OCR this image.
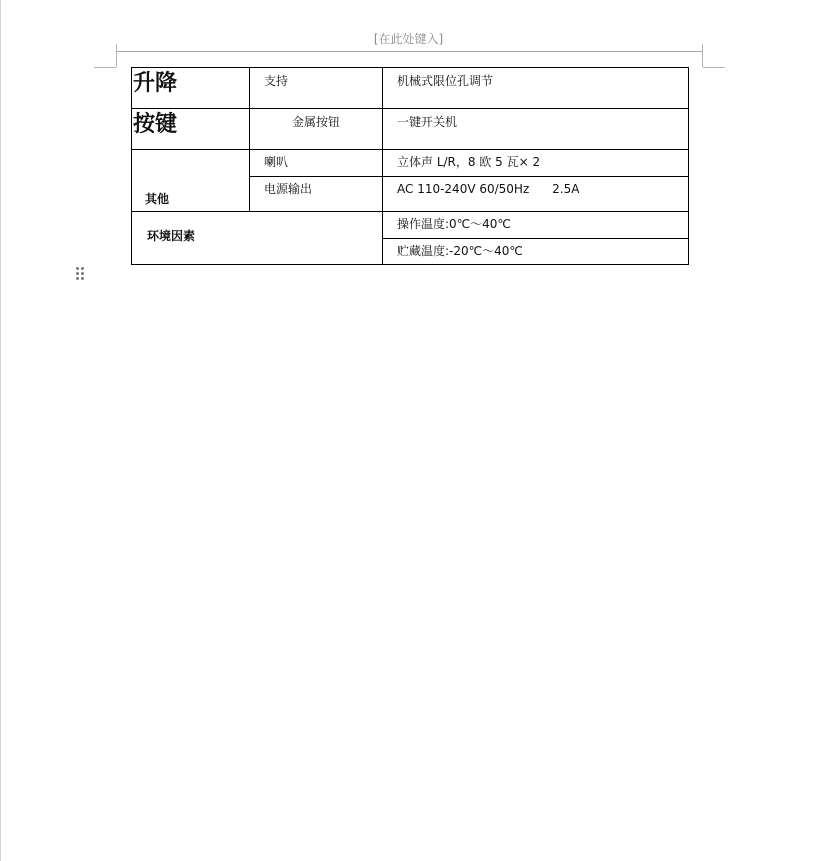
[在此处键入]
升降	支持	机械式限位孔调节
按键	金属按钮	一键开关机
其他	喇叭	立体声 L/R，8 欧 5 瓦× 2
	电源输出	AC 110-240V 60/50Hz      2.5A
环境因素		操作温度:0℃～40℃
		贮藏温度:-20℃～40℃
